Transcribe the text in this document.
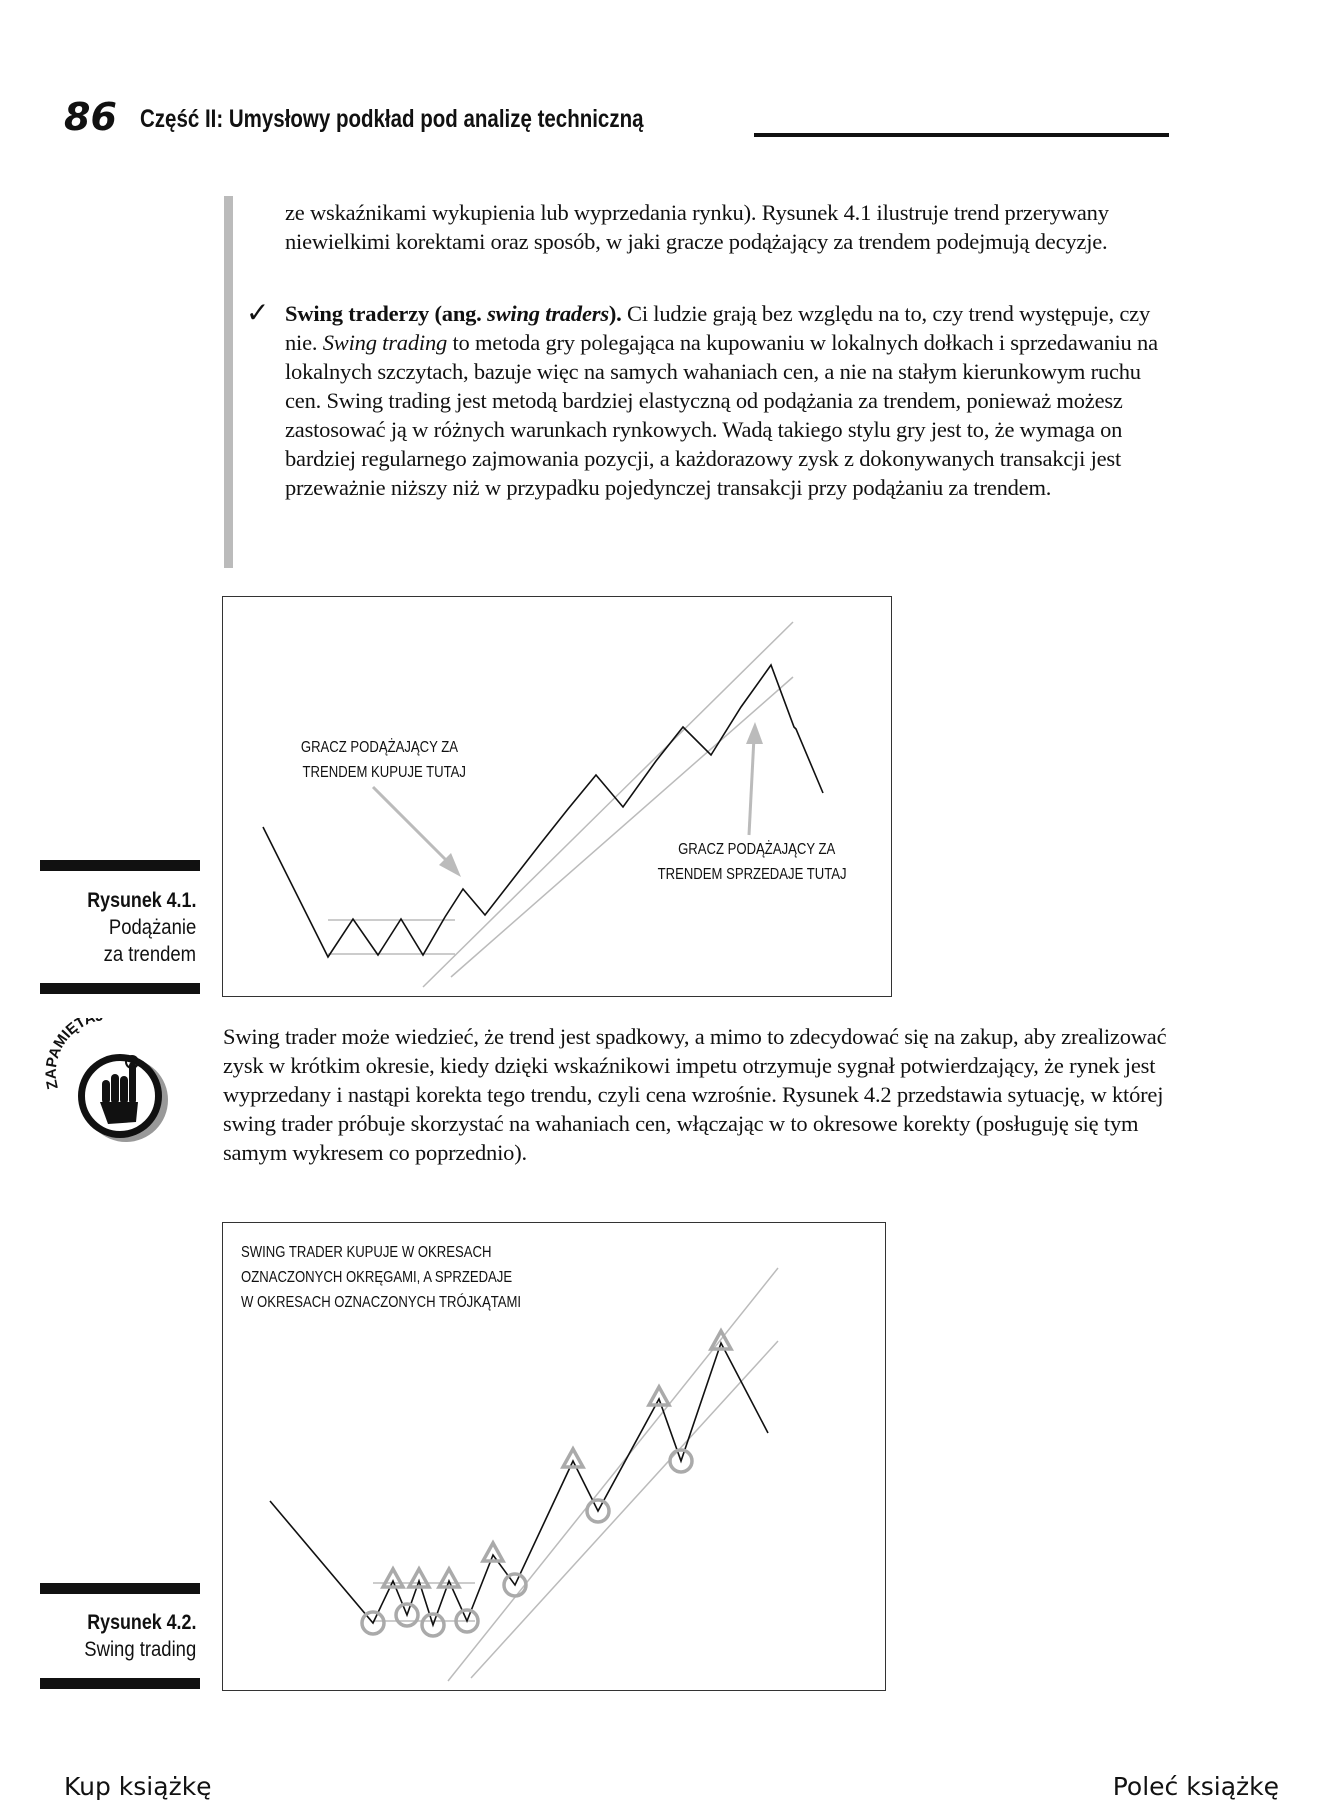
86 Część II: Umysłowy podkład pod analizę techniczną
ze wskaźnikami wykupienia lub wyprzedania rynku). Rysunek 4.1 ilustruje trend przerywany niewielkimi korektami oraz sposób, w jaki gracze podążający za trendem podejmują decyzje.
✓ Swing traderzy (ang. swing traders). Ci ludzie grają bez względu na to, czy trend występuje, czy nie. Swing trading to metoda gry polegająca na kupowaniu w lokalnych dołkach i sprzedawaniu na lokalnych szczytach, bazuje więc na samych wahaniach cen, a nie na stałym kierunkowym ruchu cen. Swing trading jest metodą bardziej elastyczną od podążania za trendem, ponieważ możesz zastosować ją w różnych warunkach rynkowych. Wadą takiego stylu gry jest to, że wymaga on bardziej regularnego zajmowania pozycji, a każdorazowy zysk z dokonywanych transakcji jest przeważnie niższy niż w przypadku pojedynczej transakcji przy podążaniu za trendem.
GRACZ PODĄŻAJĄCY ZA
TRENDEM KUPUJE TUTAJ
GRACZ PODĄŻAJĄCY ZA
TRENDEM SPRZEDAJE TUTAJ
Rysunek 4.1.
Podążanie
za trendem
ZAPAMIĘTA
Swing trader może wiedzieć, że trend jest spadkowy, a mimo to zdecydować się na zakup, aby zrealizować zysk w krótkim okresie, kiedy dzięki wskaźnikowi impetu otrzymuje sygnał potwierdzający, że rynek jest wyprzedany i nastąpi korekta tego trendu, czyli cena wzrośnie. Rysunek 4.2 przedstawia sytuację, w której swing trader próbuje skorzystać na wahaniach cen, włączając w to okresowe korekty (posługuję się tym samym wykresem co poprzednio).
SWING TRADER KUPUJE W OKRESACH
OZNACZONYCH OKRĘGAMI, A SPRZEDAJE
W OKRESACH OZNACZONYCH TRÓJKĄTAMI
Rysunek 4.2.
Swing trading
Kup książkę	Poleć książkę
